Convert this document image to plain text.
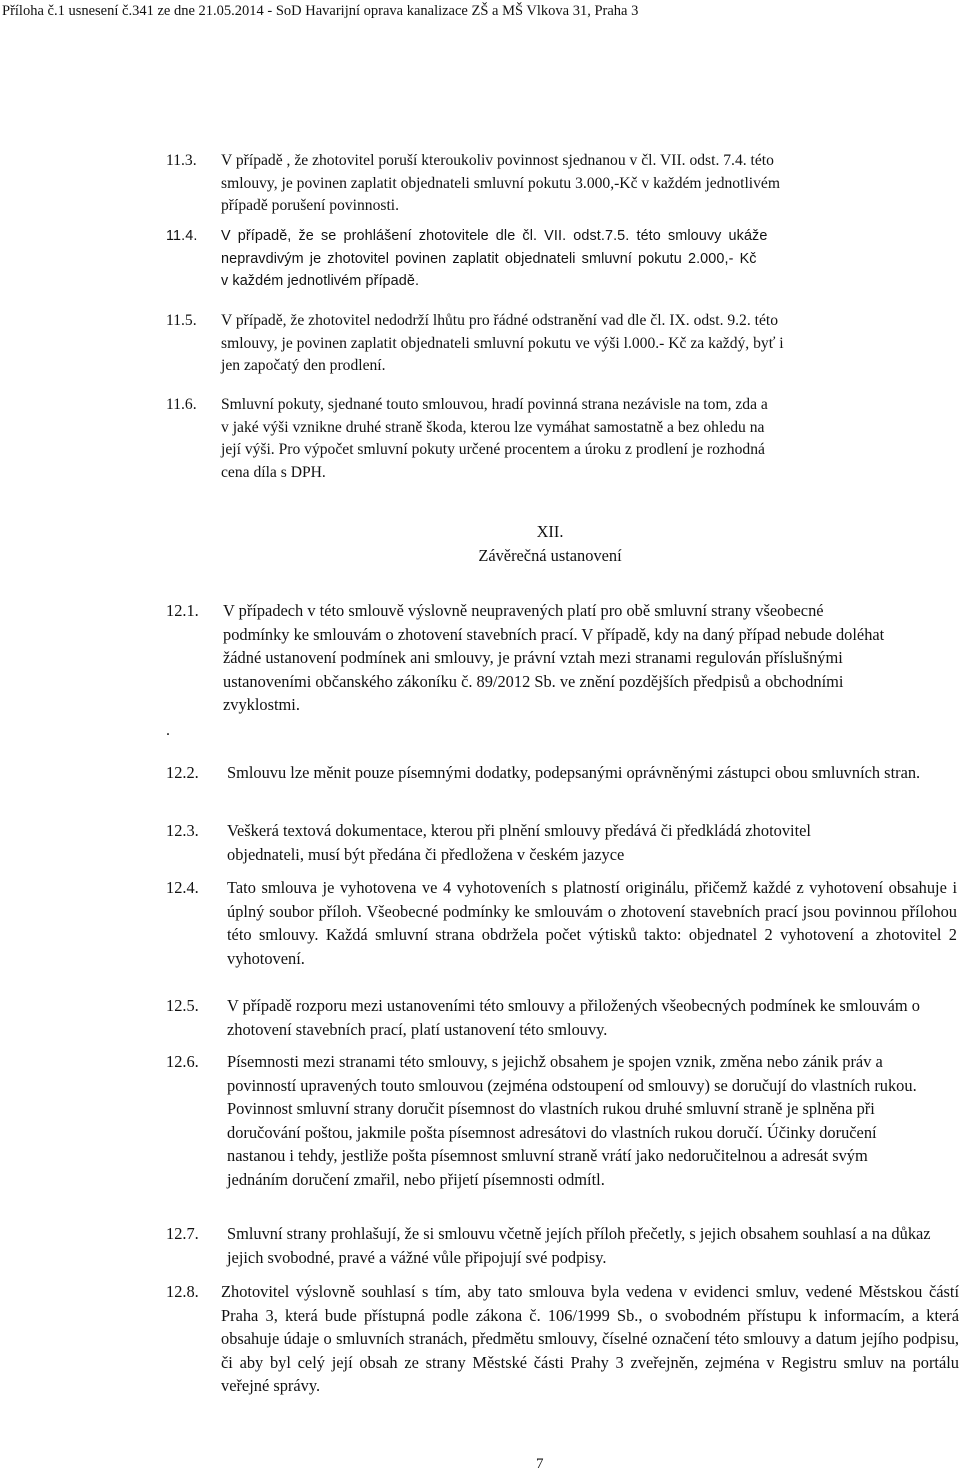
Příloha č.1 usnesení č.341 ze dne 21.05.2014 - SoD Havarijní oprava kanalizace ZŠ a MŠ Vlkova 31, Praha 3
11.3. V případě , že zhotovitel poruší kteroukoliv povinnost sjednanou v čl. VII. odst. 7.4. této
smlouvy, je povinen zaplatit objednateli smluvní pokutu 3.000,-Kč v každém jednotlivém
případě porušení povinnosti.
11.4. V případě, že se prohlášení zhotovitele dle čl. VII. odst.7.5. této smlouvy ukáže
nepravdivým je zhotovitel povinen zaplatit objednateli smluvní pokutu 2.000,- Kč
v každém jednotlivém případě.
11.5. V případě, že zhotovitel nedodrží lhůtu pro řádné odstranění vad dle čl. IX. odst. 9.2. této
smlouvy, je povinen zaplatit objednateli smluvní pokutu ve výši l.000.- Kč za každý, byť i
jen započatý den prodlení.
11.6. Smluvní pokuty, sjednané touto smlouvou, hradí povinná strana nezávisle na tom, zda a
v jaké výši vznikne druhé straně škoda, kterou lze vymáhat samostatně a bez ohledu na
její výši. Pro výpočet smluvní pokuty určené procentem a úroku z prodlení je rozhodná
cena díla s DPH.
XII.
Závěrečná ustanovení
.
12.1.	V případech v této smlouvě výslovně neupravených platí pro obě smluvní strany všeobecné podmínky ke smlouvám o zhotovení stavebních prací. V případě, kdy na daný případ nebude doléhat žádné ustanovení podmínek ani smlouvy, je právní vztah mezi stranami regulován příslušnými ustanoveními občanského zákoníku č. 89/2012 Sb. ve znění pozdějších předpisů a obchodními zvyklostmi.
12.2.	Smlouvu lze měnit pouze písemnými dodatky, podepsanými oprávněnými zástupci obou smluvních stran.
12.3.	Veškerá textová dokumentace, kterou při plnění smlouvy předává či předkládá zhotovitel objednateli, musí být předána či předložena v českém jazyce
12.4.	Tato smlouva je vyhotovena ve 4 vyhotoveních s platností originálu, přičemž každé z vyhotovení obsahuje i úplný soubor příloh. Všeobecné podmínky ke smlouvám o zhotovení stavebních prací jsou povinnou přílohou této smlouvy. Každá smluvní strana obdržela počet výtisků takto: objednatel 2 vyhotovení a zhotovitel 2 vyhotovení.
12.5.	V případě rozporu mezi ustanoveními této smlouvy a přiložených všeobecných podmínek ke smlouvám o zhotovení stavebních prací, platí ustanovení této smlouvy.
12.6.	Písemnosti mezi stranami této smlouvy, s jejichž obsahem je spojen vznik, změna nebo zánik práv a povinností upravených touto smlouvou (zejména odstoupení od smlouvy) se doručují do vlastních rukou. Povinnost smluvní strany doručit písemnost do vlastních rukou druhé smluvní straně je splněna při doručování poštou, jakmile pošta písemnost adresátovi do vlastních rukou doručí. Účinky doručení nastanou i tehdy, jestliže pošta písemnost smluvní straně vrátí jako nedoručitelnou a adresát svým jednáním doručení zmařil, nebo přijetí písemnosti odmítl.
12.7.	Smluvní strany prohlašují, že si smlouvu včetně jejích příloh přečetly, s jejich obsahem souhlasí a na důkaz jejich svobodné, pravé a vážné vůle připojují své podpisy.
12.8.	Zhotovitel výslovně souhlasí s tím, aby tato smlouva byla vedena v evidenci smluv, vedené Městskou částí Praha 3, která bude přístupná podle zákona č. 106/1999 Sb., o svobodném přístupu k informacím, a která obsahuje údaje o smluvních stranách, předmětu smlouvy, číselné označení této smlouvy a datum jejího podpisu, či aby byl celý její obsah ze strany Městské části Prahy 3 zveřejněn, zejména v Registru smluv na portálu veřejné správy.
7
